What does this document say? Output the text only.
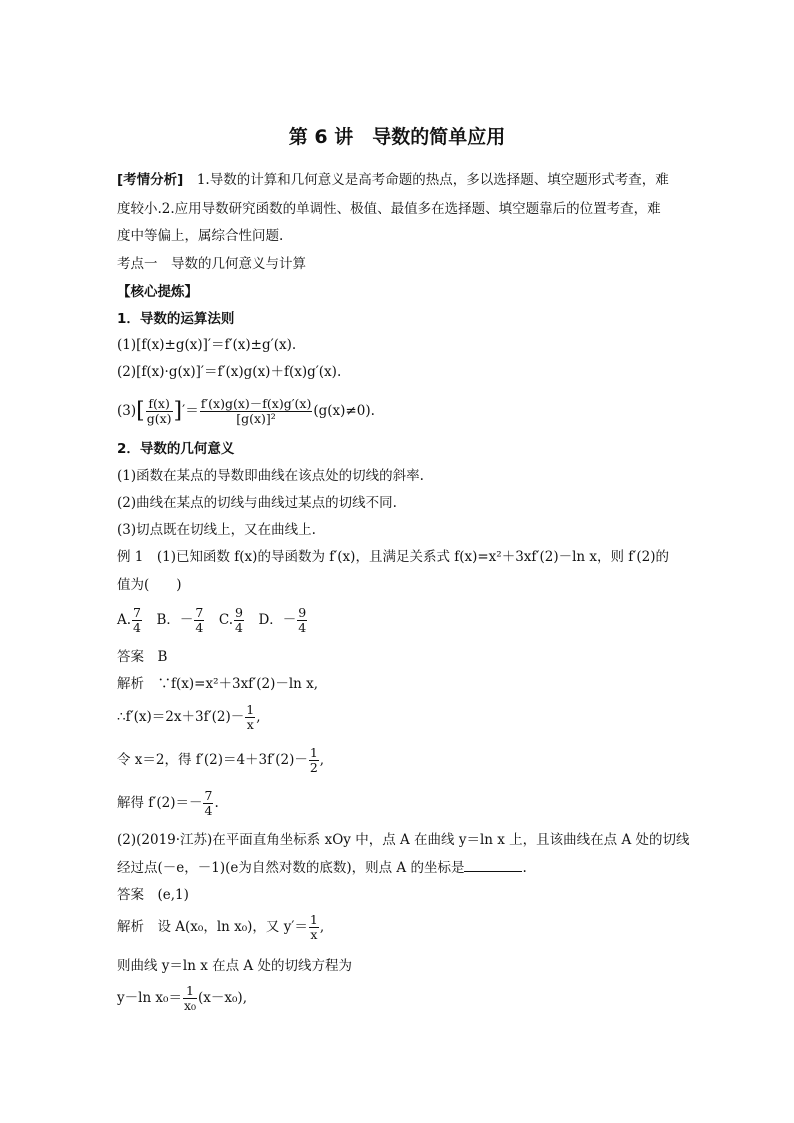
第 6 讲　导数的简单应用
[考情分析]　1.导数的计算和几何意义是高考命题的热点，多以选择题、填空题形式考查，难
度较小.2.应用导数研究函数的单调性、极值、最值多在选择题、填空题靠后的位置考查，难
度中等偏上，属综合性问题.
考点一　导数的几何意义与计算
【核心提炼】
1．导数的运算法则
(1)[f(x)±g(x)]′＝f′(x)±g′(x).
(2)[f(x)·g(x)]′＝f′(x)g(x)＋f(x)g′(x).
$(3)[ \frac{f(x)}{g(x)}$ ]′＝ $\frac{f'(x)g(x)-f(x)g'(x)}{\text{[g(x)]²}} (g(x)\ne 0)$.
2．导数的几何意义
(1)函数在某点的导数即曲线在该点处的切线的斜率.
(2)曲线在某点的切线与曲线过某点的切线不同.
(3)切点既在切线上，又在曲线上.
例 1　(1)已知函数 f(x)的导函数为 f′(x)，且满足关系式 f(x)=x²＋3xf′(2)－ln x，则 f′(2)的
值为(　　)
A. $\frac{7}{4}$ 　B．－ $\frac{7}{4}$ 　C. $\frac{9}{4}$ 　D．－ $\frac{9}{4}$
答案　B
解析　∵f(x)=x²＋3xf′(2)－ln x,
∴f′(x)＝2x＋3f′(2)－ $\frac{1}{x}$ ,
令 x＝2，得 $f'(2)=4+3f'(2)- \frac{1}{2}$ ,
解得 $f'(2)=- \frac{7}{4}$ .
(2)(2019·江苏)在平面直角坐标系 xOy 中，点 A 在曲线 y＝ln x 上，且该曲线在点 A 处的切线
经过点(－e，－1)(e为自然对数的底数)，则点 A 的坐标是	.
答案　(e,1)
解析　设 A(x₀，ln x₀)，又 $y'= \frac{1}{x}$ ,
则曲线 y＝ln x 在点 A 处的切线方程为
y－ln $x_0= \frac{1}{\text{x₀}} (x-x_0)$,
